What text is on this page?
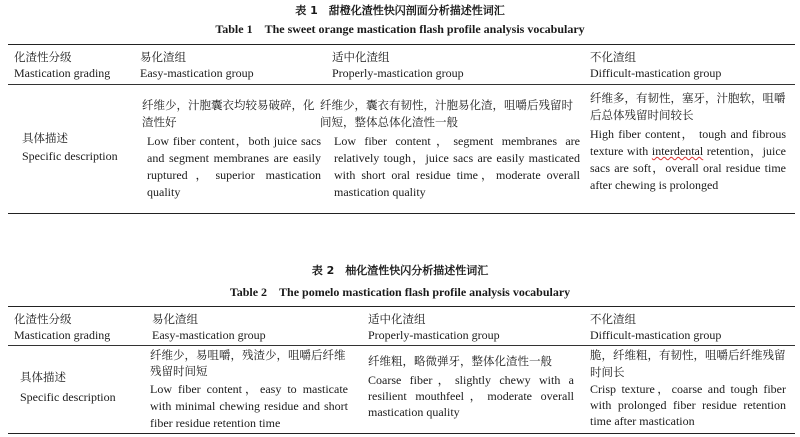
表 1　甜橙化渣性快闪剖面分析描述性词汇
Table 1　The sweet orange mastication flash profile analysis vocabulary
化渣性分级
Mastication grading
易化渣组
Easy-mastication group
适中化渣组
Properly-mastication group
不化渣组
Difficult-mastication group
具体描述
Specific description
纤维少，汁胞囊衣均较易破碎，化渣性好
Low fiber content，both juice sacs and segment membranes are easily ruptured，superior mastication quality
纤维少，囊衣有韧性，汁胞易化渣，咀嚼后残留时间短，整体总体化渣性一般
Low fiber content，segment membranes are relatively tough，juice sacs are easily masticated with short oral residue time，moderate overall mastication quality
纤维多，有韧性，塞牙，汁胞软，咀嚼后总体残留时间较长
High fiber content， tough and fibrous texture with interdental retention，juice sacs are soft，overall oral residue time after chewing is prolonged
表 2　柚化渣性快闪分析描述性词汇
Table 2　The pomelo mastication flash profile analysis vocabulary
化渣性分级
Mastication grading
易化渣组
Easy-mastication group
适中化渣组
Properly-mastication group
不化渣组
Difficult-mastication group
具体描述
Specific description
纤维少，易咀嚼，残渣少，咀嚼后纤维残留时间短
Low fiber content，easy to masticate with minimal chewing residue and short fiber residue retention time
纤维粗，略微弹牙，整体化渣性一般
Coarse fiber，slightly chewy with a resilient mouthfeel，moderate overall mastication quality
脆，纤维粗，有韧性，咀嚼后纤维残留时间长
Crisp texture，coarse and tough fiber with prolonged fiber residue retention time after mastication
